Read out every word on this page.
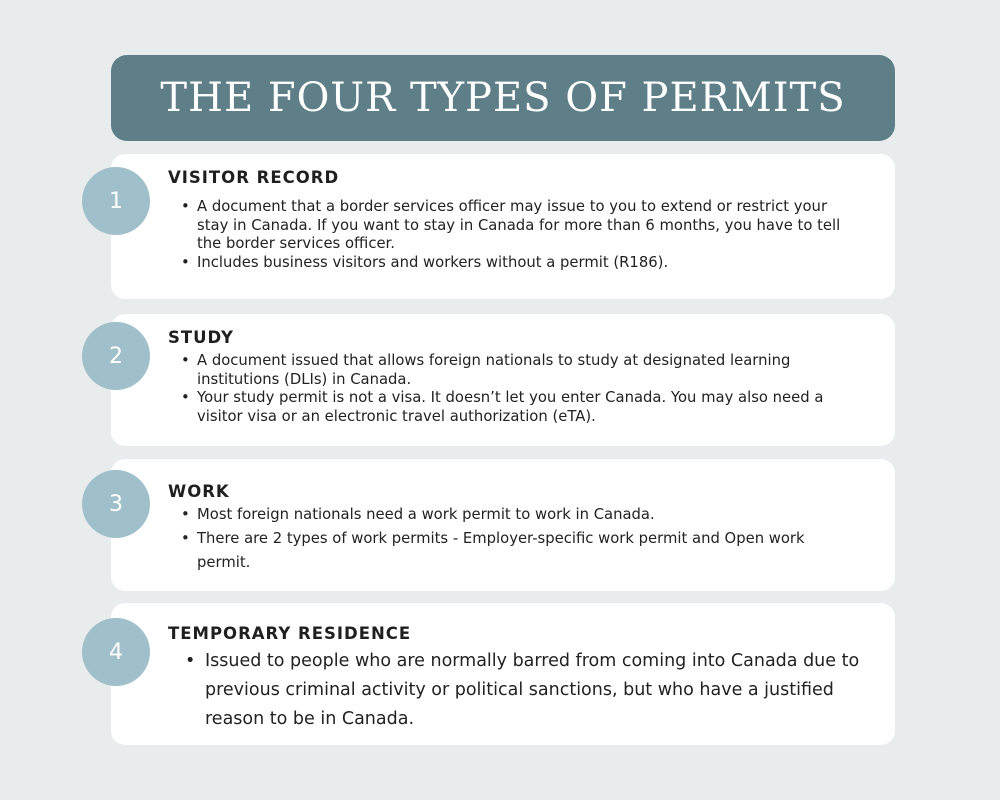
THE FOUR TYPES OF PERMITS
VISITOR RECORD
• A document that a border services officer may issue to you to extend or restrict your stay in Canada. If you want to stay in Canada for more than 6 months, you have to tell the border services officer.
• Includes business visitors and workers without a permit (R186).
1
STUDY
• A document issued that allows foreign nationals to study at designated learning institutions (DLIs) in Canada.
• Your study permit is not a visa. It doesn’t let you enter Canada. You may also need a visitor visa or an electronic travel authorization (eTA).
2
WORK
• Most foreign nationals need a work permit to work in Canada.
• There are 2 types of work permits - Employer-specific work permit and Open work permit.
3
TEMPORARY RESIDENCE
• Issued to people who are normally barred from coming into Canada due to previous criminal activity or political sanctions, but who have a justified reason to be in Canada.
4
